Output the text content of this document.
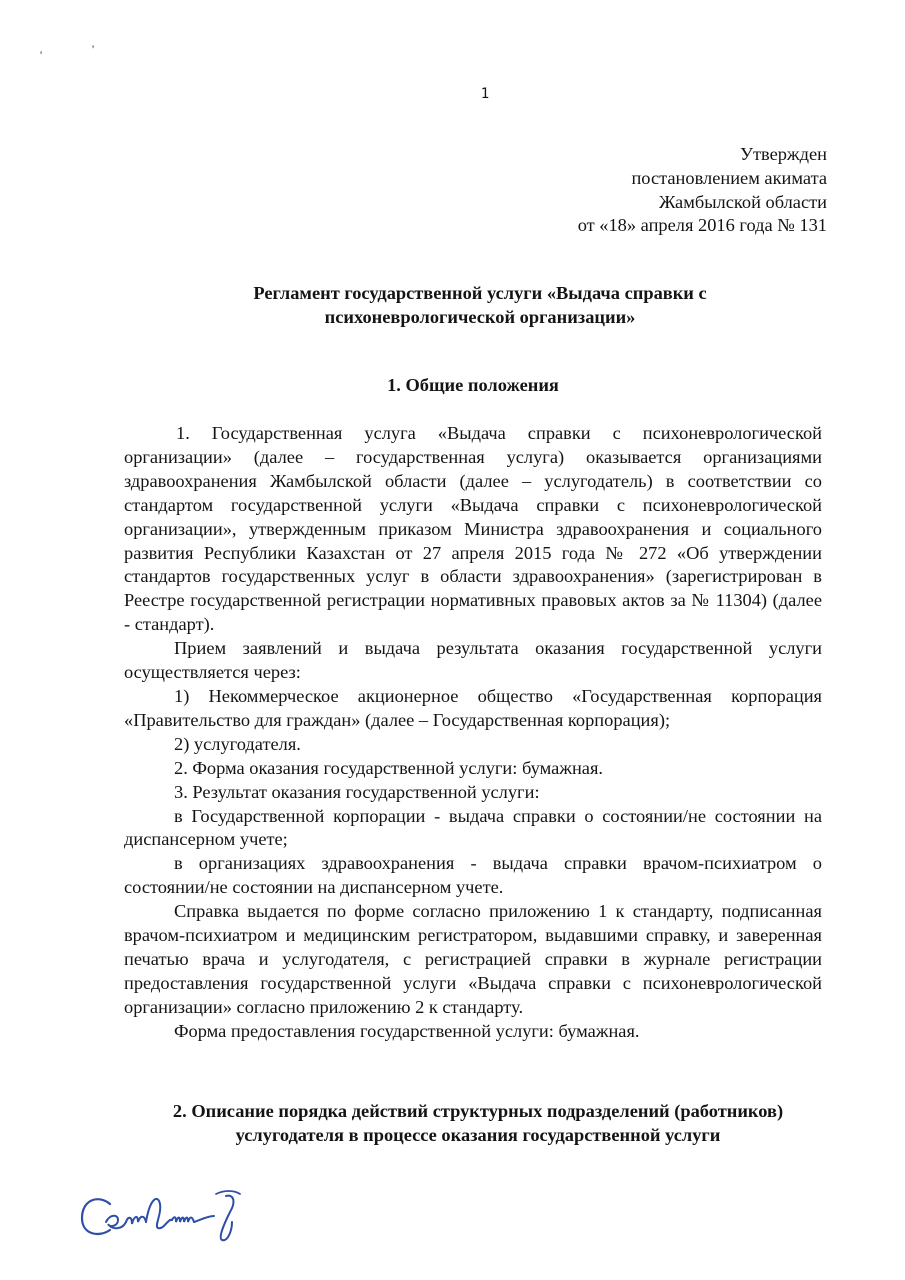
'	'
1
Утвержден
постановлением акимата
Жамбылской области
от «18» апреля 2016 года № 131
Регламент государственной услуги «Выдача справки с
психоневрологической организации»
1. Общие положения

1. Государственная услуга «Выдача справки с психоневрологической организации» (далее – государственная услуга) оказывается организациями здравоохранения Жамбылской области (далее – услугодатель) в соответствии со стандартом государственной услуги «Выдача справки с психоневрологической организации», утвержденным приказом Министра здравоохранения и социального развития Республики Казахстан от 27 апреля 2015 года № 272 «Об утверждении стандартов государственных услуг в области здравоохранения» (зарегистрирован в Реестре государственной регистрации нормативных правовых актов за № 11304) (далее - стандарт).

Прием заявлений и выдача результата оказания государственной услуги осуществляется через:

1) Некоммерческое акционерное общество «Государственная корпорация «Правительство для граждан» (далее – Государственная корпорация);

2) услугодателя.

2. Форма оказания государственной услуги: бумажная.

3. Результат оказания государственной услуги:

в Государственной корпорации - выдача справки о состоянии/не состоянии на диспансерном учете;

в организациях здравоохранения - выдача справки врачом-психиатром о состоянии/не состоянии на диспансерном учете.

Справка выдается по форме согласно приложению 1 к стандарту, подписанная врачом-психиатром и медицинским регистратором, выдавшими справку, и заверенная печатью врача и услугодателя, с регистрацией справки в журнале регистрации предоставления государственной услуги «Выдача справки с психоневрологической организации» согласно приложению 2 к стандарту.

Форма предоставления государственной услуги: бумажная.

2. Описание порядка действий структурных подразделений (работников)
услугодателя в процессе оказания государственной услуги
